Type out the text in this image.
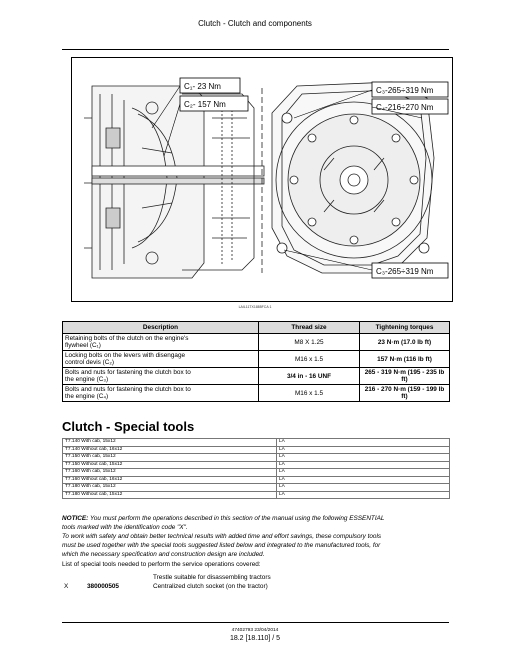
Clutch - Clutch and components
C₁- 23 Nm
C₂- 157 Nm
C₃-265÷319 Nm
C₄-216÷270 Nm
C₃-265÷319 Nm
LAIL11TX1885FCA 1
Description	Thread size	Tightening torques
Retaining bolts of the clutch on the engine's
flywheel (C₁)	M8 X 1.25	23 N·m (17.0 lb ft)
Locking bolts on the levers with disengage
control devis (C₂)	M16 x 1.5	157 N·m (116 lb ft)
Bolts and nuts for fastening the clutch box to
the engine (C₃)	3/4 in - 16 UNF	265 - 319 N·m (195 - 235 lb ft)
Bolts and nuts for fastening the clutch box to
the engine (C₄)	M16 x 1.5	216 - 270 N·m (159 - 199 lb ft)
Clutch - Special tools
T7.140 With cab, 15x12	LA
T7.140 Without cab, 16x12	LA
T7.150 With cab, 15x12	LA
T7.150 Without cab, 15x12	LA
T7.160 With cab, 15x12	LA
T7.160 Without cab, 16x12	LA
T7.180 With cab, 15x12	LA
T7.180 Without cab, 15x12	LA
NOTICE: You must perform the operations described in this section of the manual using the following ESSENTIAL
tools marked with the identification code "X".
To work with safety and obtain better technical results with added time and effort savings, these compulsory tools
must be used together with the special tools suggested listed below and integrated to the manufactured tools, for
which the necessary specification and construction design are included.
List of special tools needed to perform the service operations covered:
Trestle suitable for disassembling tractors
X	380000505	Centralized clutch socket (on the tractor)
47402793 23/04/2014
18.2 [18.110] / 5
